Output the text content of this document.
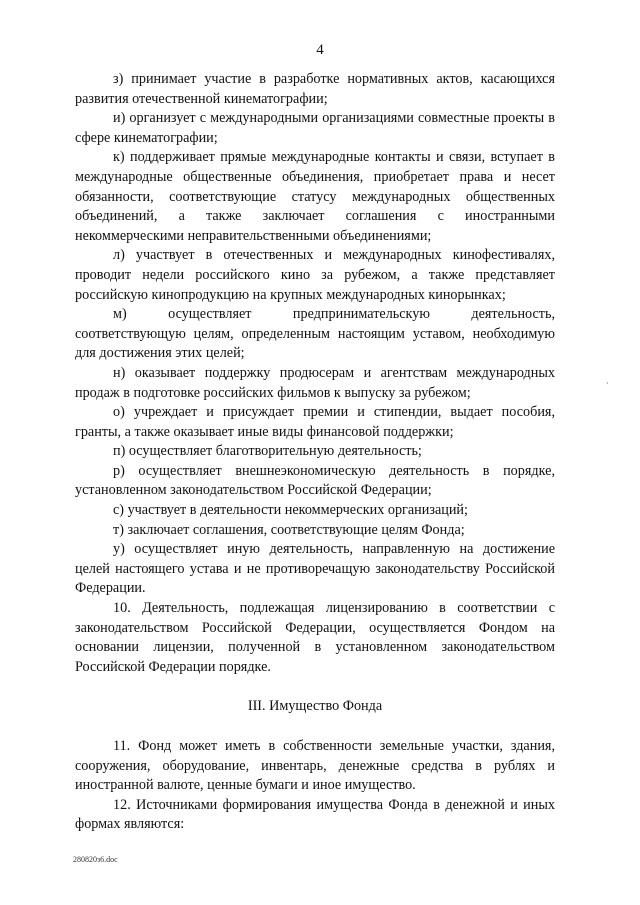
4

з) принимает участие в разработке нормативных актов, касающихся развития отечественной кинематографии;

и) организует с международными организациями совместные проекты в сфере кинематографии;

к) поддерживает прямые международные контакты и связи, вступает в международные общественные объединения, приобретает права и несет обязанности, соответствующие статусу международных общественных объединений, а также заключает соглашения с иностранными некоммерческими неправительственными объединениями;

л) участвует в отечественных и международных кинофестивалях, проводит недели российского кино за рубежом, а также представляет российскую кинопродукцию на крупных международных кинорынках;

м) осуществляет предпринимательскую деятельность, соответствующую целям, определенным настоящим уставом, необходимую для достижения этих целей;

н) оказывает поддержку продюсерам и агентствам международных продаж в подготовке российских фильмов к выпуску за рубежом;

о) учреждает и присуждает премии и стипендии, выдает пособия, гранты, а также оказывает иные виды финансовой поддержки;

п) осуществляет благотворительную деятельность;

р) осуществляет внешнеэкономическую деятельность в порядке, установленном законодательством Российской Федерации;

с) участвует в деятельности некоммерческих организаций;

т) заключает соглашения, соответствующие целям Фонда;

у) осуществляет иную деятельность, направленную на достижение целей настоящего устава и не противоречащую законодательству Российской Федерации.

10. Деятельность, подлежащая лицензированию в соответствии с законодательством Российской Федерации, осуществляется Фондом на основании лицензии, полученной в установленном законодательством Российской Федерации порядке.

III. Имущество Фонда

11. Фонд может иметь в собственности земельные участки, здания, сооружения, оборудование, инвентарь, денежные средства в рублях и иностранной валюте, ценные бумаги и иное имущество.

12. Источниками формирования имущества Фонда в денежной и иных формах являются:

·
280820з6.doc
